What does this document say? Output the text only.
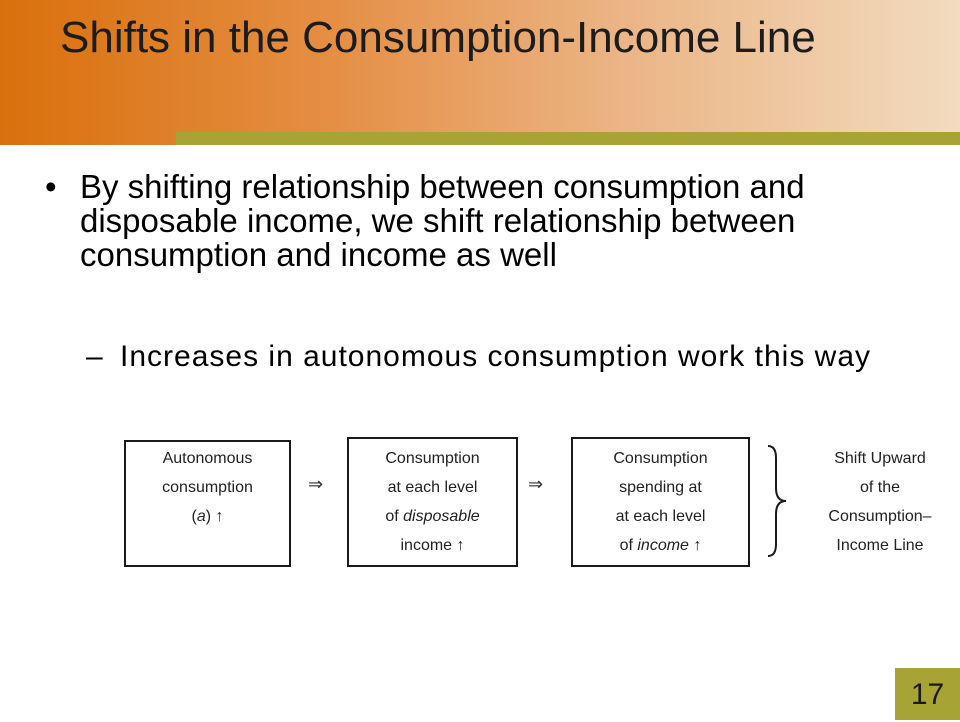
Shifts in the Consumption-Income Line

• By shifting relationship between consumption and disposable income, we shift relationship between consumption and income as well

– Increases in autonomous consumption work this way

Autonomous
consumption
(a) ↑
⇒
Consumption
at each level
of disposable
income ↑
⇒
Consumption
spending at
at each level
of income ↑
Shift Upward
of the
Consumption–
Income Line
17
